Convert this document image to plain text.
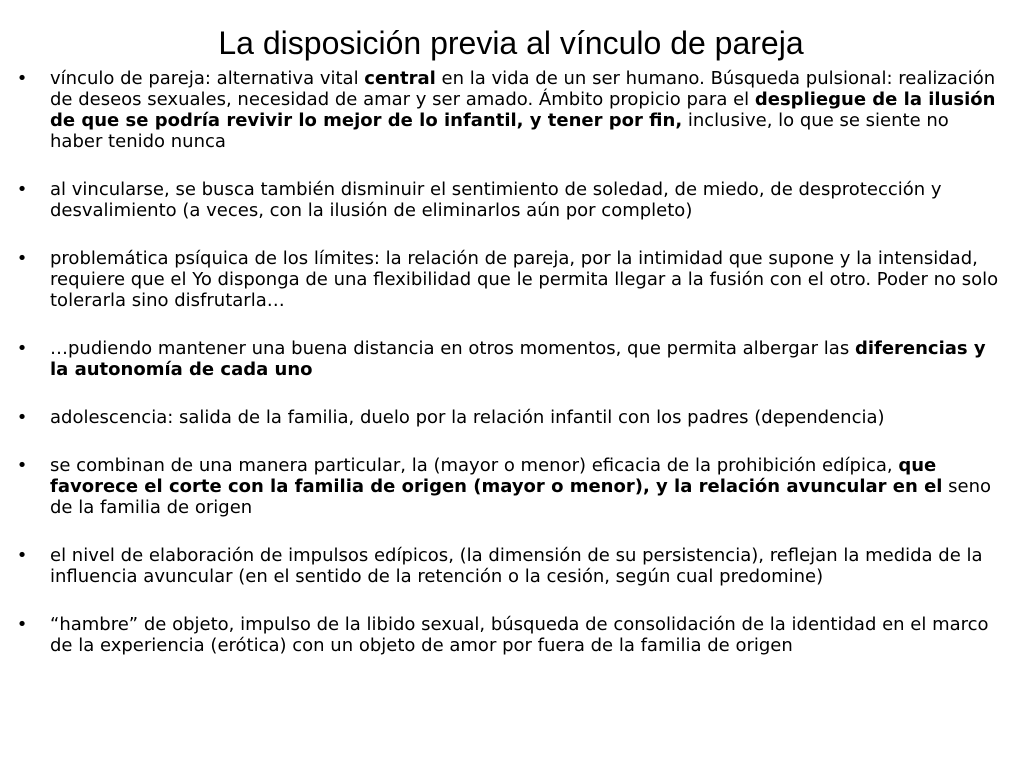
La disposición previa al vínculo de pareja
• vínculo de pareja: alternativa vital central en la vida de un ser humano. Búsqueda pulsional: realización de deseos sexuales, necesidad de amar y ser amado. Ámbito propicio para el despliegue de la ilusión de que se podría revivir lo mejor de lo infantil, y tener por fin, inclusive, lo que se siente no haber tenido nunca
• al vincularse, se busca también disminuir el sentimiento de soledad, de miedo, de desprotección y desvalimiento (a veces, con la ilusión de eliminarlos aún por completo)
• problemática psíquica de los límites: la relación de pareja, por la intimidad que supone y la intensidad, requiere que el Yo disponga de una flexibilidad que le permita llegar a la fusión con el otro. Poder no solo tolerarla sino disfrutarla…
• …pudiendo mantener una buena distancia en otros momentos, que permita albergar las diferencias y la autonomía de cada uno
• adolescencia: salida de la familia, duelo por la relación infantil con los padres (dependencia)
• se combinan de una manera particular, la (mayor o menor) eficacia de la prohibición edípica, que favorece el corte con la familia de origen (mayor o menor), y la relación avuncular en el seno de la familia de origen
• el nivel de elaboración de impulsos edípicos, (la dimensión de su persistencia), reflejan la medida de la influencia avuncular (en el sentido de la retención o la cesión, según cual predomine)
• “hambre” de objeto, impulso de la libido sexual, búsqueda de consolidación de la identidad en el marco de la experiencia (erótica) con un objeto de amor por fuera de la familia de origen
